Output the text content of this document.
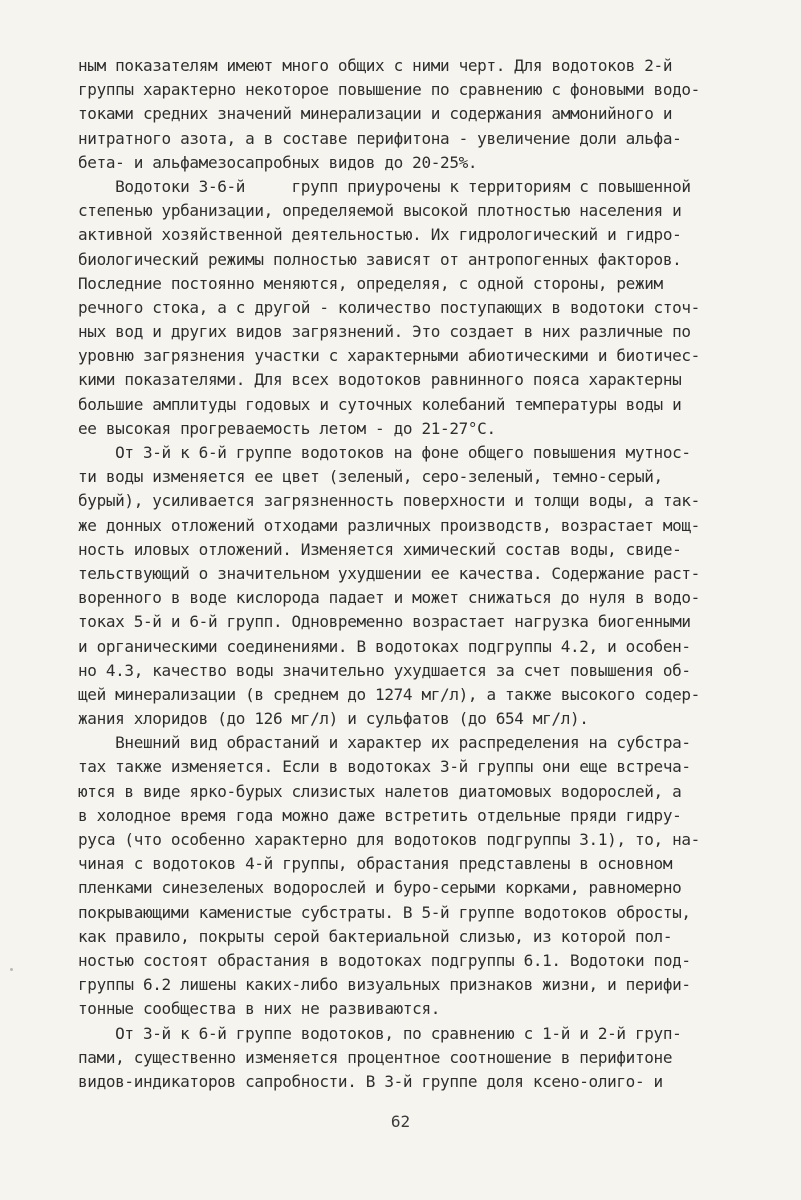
ным показателям имеют много общих с ними черт. Для водотоков 2-й
группы характерно некоторое повышение по сравнению с фоновыми водо-
токами средних значений минерализации и содержания аммонийного и
нитратного азота, а в составе перифитона - увеличение доли альфа-
бета- и альфамезосапробных видов до 20-25%.
Водотоки 3-6-й     групп приурочены к территориям с повышенной
степенью урбанизации, определяемой высокой плотностью населения и
активной хозяйственной деятельностью. Их гидрологический и гидро-
биологический режимы полностью зависят от антропогенных факторов.
Последние постоянно меняются, определяя, с одной стороны, режим
речного стока, а с другой - количество поступающих в водотоки сточ-
ных вод и других видов загрязнений. Это создает в них различные по
уровню загрязнения участки с характерными абиотическими и биотичес-
кими показателями. Для всех водотоков равнинного пояса характерны
большие амплитуды годовых и суточных колебаний температуры воды и
ее высокая прогреваемость летом - до 21-27°С.
От 3-й к 6-й группе водотоков на фоне общего повышения мутнос-
ти воды изменяется ее цвет (зеленый, серо-зеленый, темно-серый,
бурый), усиливается загрязненность поверхности и толщи воды, а так-
же донных отложений отходами различных производств, возрастает мощ-
ность иловых отложений. Изменяется химический состав воды, свиде-
тельствующий о значительном ухудшении ее качества. Содержание раст-
воренного в воде кислорода падает и может снижаться до нуля в водо-
токах 5-й и 6-й групп. Одновременно возрастает нагрузка биогенными
и органическими соединениями. В водотоках подгруппы 4.2, и особен-
но 4.3, качество воды значительно ухудшается за счет повышения об-
щей минерализации (в среднем до 1274 мг/л), а также высокого содер-
жания хлоридов (до 126 мг/л) и сульфатов (до 654 мг/л).
Внешний вид обрастаний и характер их распределения на субстра-
тах также изменяется. Если в водотоках 3-й группы они еще встреча-
ются в виде ярко-бурых слизистых налетов диатомовых водорослей, а
в холодное время года можно даже встретить отдельные пряди гидру-
руса (что особенно характерно для водотоков подгруппы 3.1), то, на-
чиная с водотоков 4-й группы, обрастания представлены в основном
пленками синезеленых водорослей и буро-серыми корками, равномерно
покрывающими каменистые субстраты. В 5-й группе водотоков обросты,
как правило, покрыты серой бактериальной слизью, из которой пол-
ностью состоят обрастания в водотоках подгруппы 6.1. Водотоки под-
группы 6.2 лишены каких-либо визуальных признаков жизни, и перифи-
тонные сообщества в них не развиваются.
От 3-й к 6-й группе водотоков, по сравнению с 1-й и 2-й груп-
пами, существенно изменяется процентное соотношение в перифитоне
видов-индикаторов сапробности. В 3-й группе доля ксено-олиго- и
62
